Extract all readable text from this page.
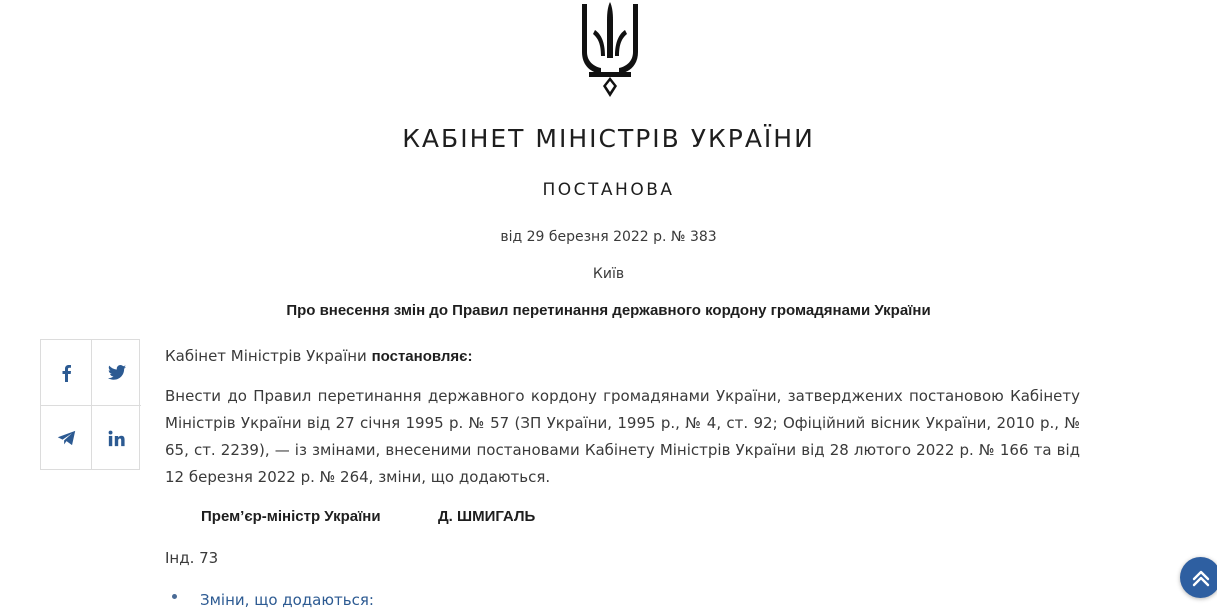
КАБІНЕТ МІНІСТРІВ УКРАЇНИ
ПОСТАНОВА
від 29 березня 2022 р. № 383
Київ
Про внесення змін до Правил перетинання державного кордону громадянами України

Кабінет Міністрів України постановляє:

Внести до Правил перетинання державного кордону громадянами України, затверджених постановою Кабінету Міністрів України від 27 січня 1995 р. № 57 (ЗП України, 1995 р., № 4, ст. 92; Офіційний вісник України, 2010 р., № 65, ст. 2239), — із змінами, внесеними постановами Кабінету Міністрів України від 28 лютого 2022 р. № 166 та від 12 березня 2022 р. № 264, зміни, що додаються.

Прем’єр-міністр України	Д. ШМИГАЛЬ
Інд. 73
Зміни, що додаються:
